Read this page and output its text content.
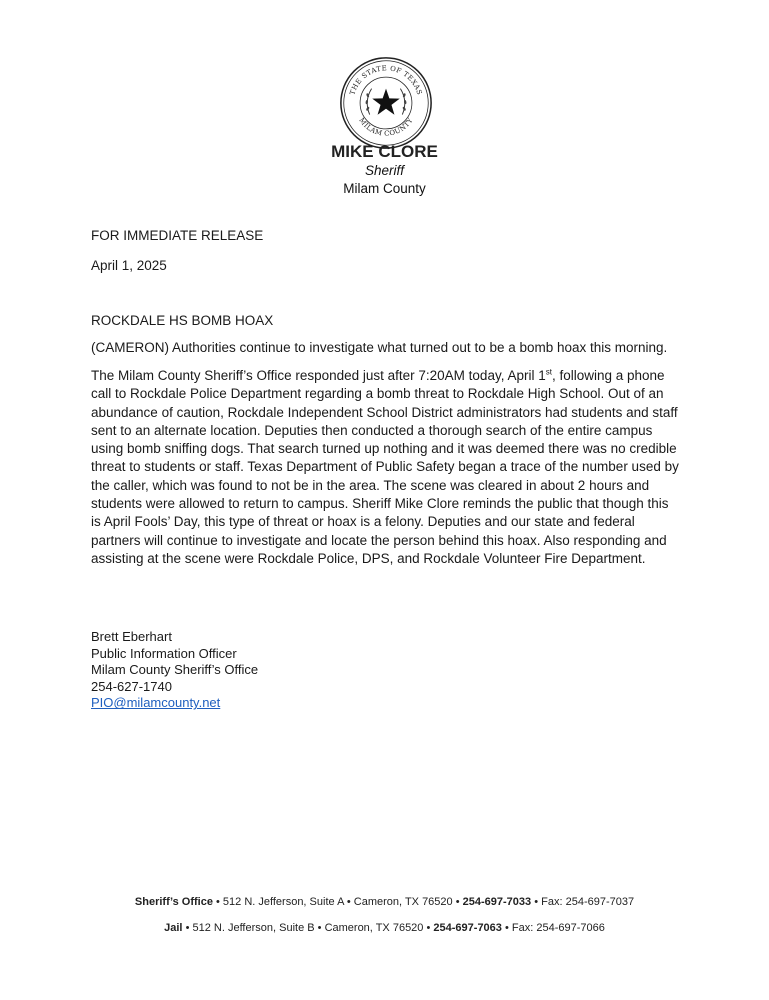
THE STATE OF TEXAS
MILAM COUNTY
MIKE CLORE
Sheriff
Milam County
FOR IMMEDIATE RELEASE
April 1, 2025
ROCKDALE HS BOMB HOAX
(CAMERON) Authorities continue to investigate what turned out to be a bomb hoax this morning.
The Milam County Sheriff’s Office responded just after 7:20AM today, April 1st, following a phone call to Rockdale Police Department regarding a bomb threat to Rockdale High School. Out of an abundance of caution, Rockdale Independent School District administrators had students and staff sent to an alternate location. Deputies then conducted a thorough search of the entire campus using bomb sniffing dogs. That search turned up nothing and it was deemed there was no credible threat to students or staff. Texas Department of Public Safety began a trace of the number used by the caller, which was found to not be in the area. The scene was cleared in about 2 hours and students were allowed to return to campus. Sheriff Mike Clore reminds the public that though this is April Fools’ Day, this type of threat or hoax is a felony. Deputies and our state and federal partners will continue to investigate and locate the person behind this hoax. Also responding and assisting at the scene were Rockdale Police, DPS, and Rockdale Volunteer Fire Department.
Brett Eberhart
Public Information Officer
Milam County Sheriff’s Office
254-627-1740
PIO@milamcounty.net
Sheriff’s Office • 512 N. Jefferson, Suite A • Cameron, TX 76520 • 254-697-7033 • Fax: 254-697-7037
Jail • 512 N. Jefferson, Suite B • Cameron, TX 76520 • 254-697-7063 • Fax: 254-697-7066
